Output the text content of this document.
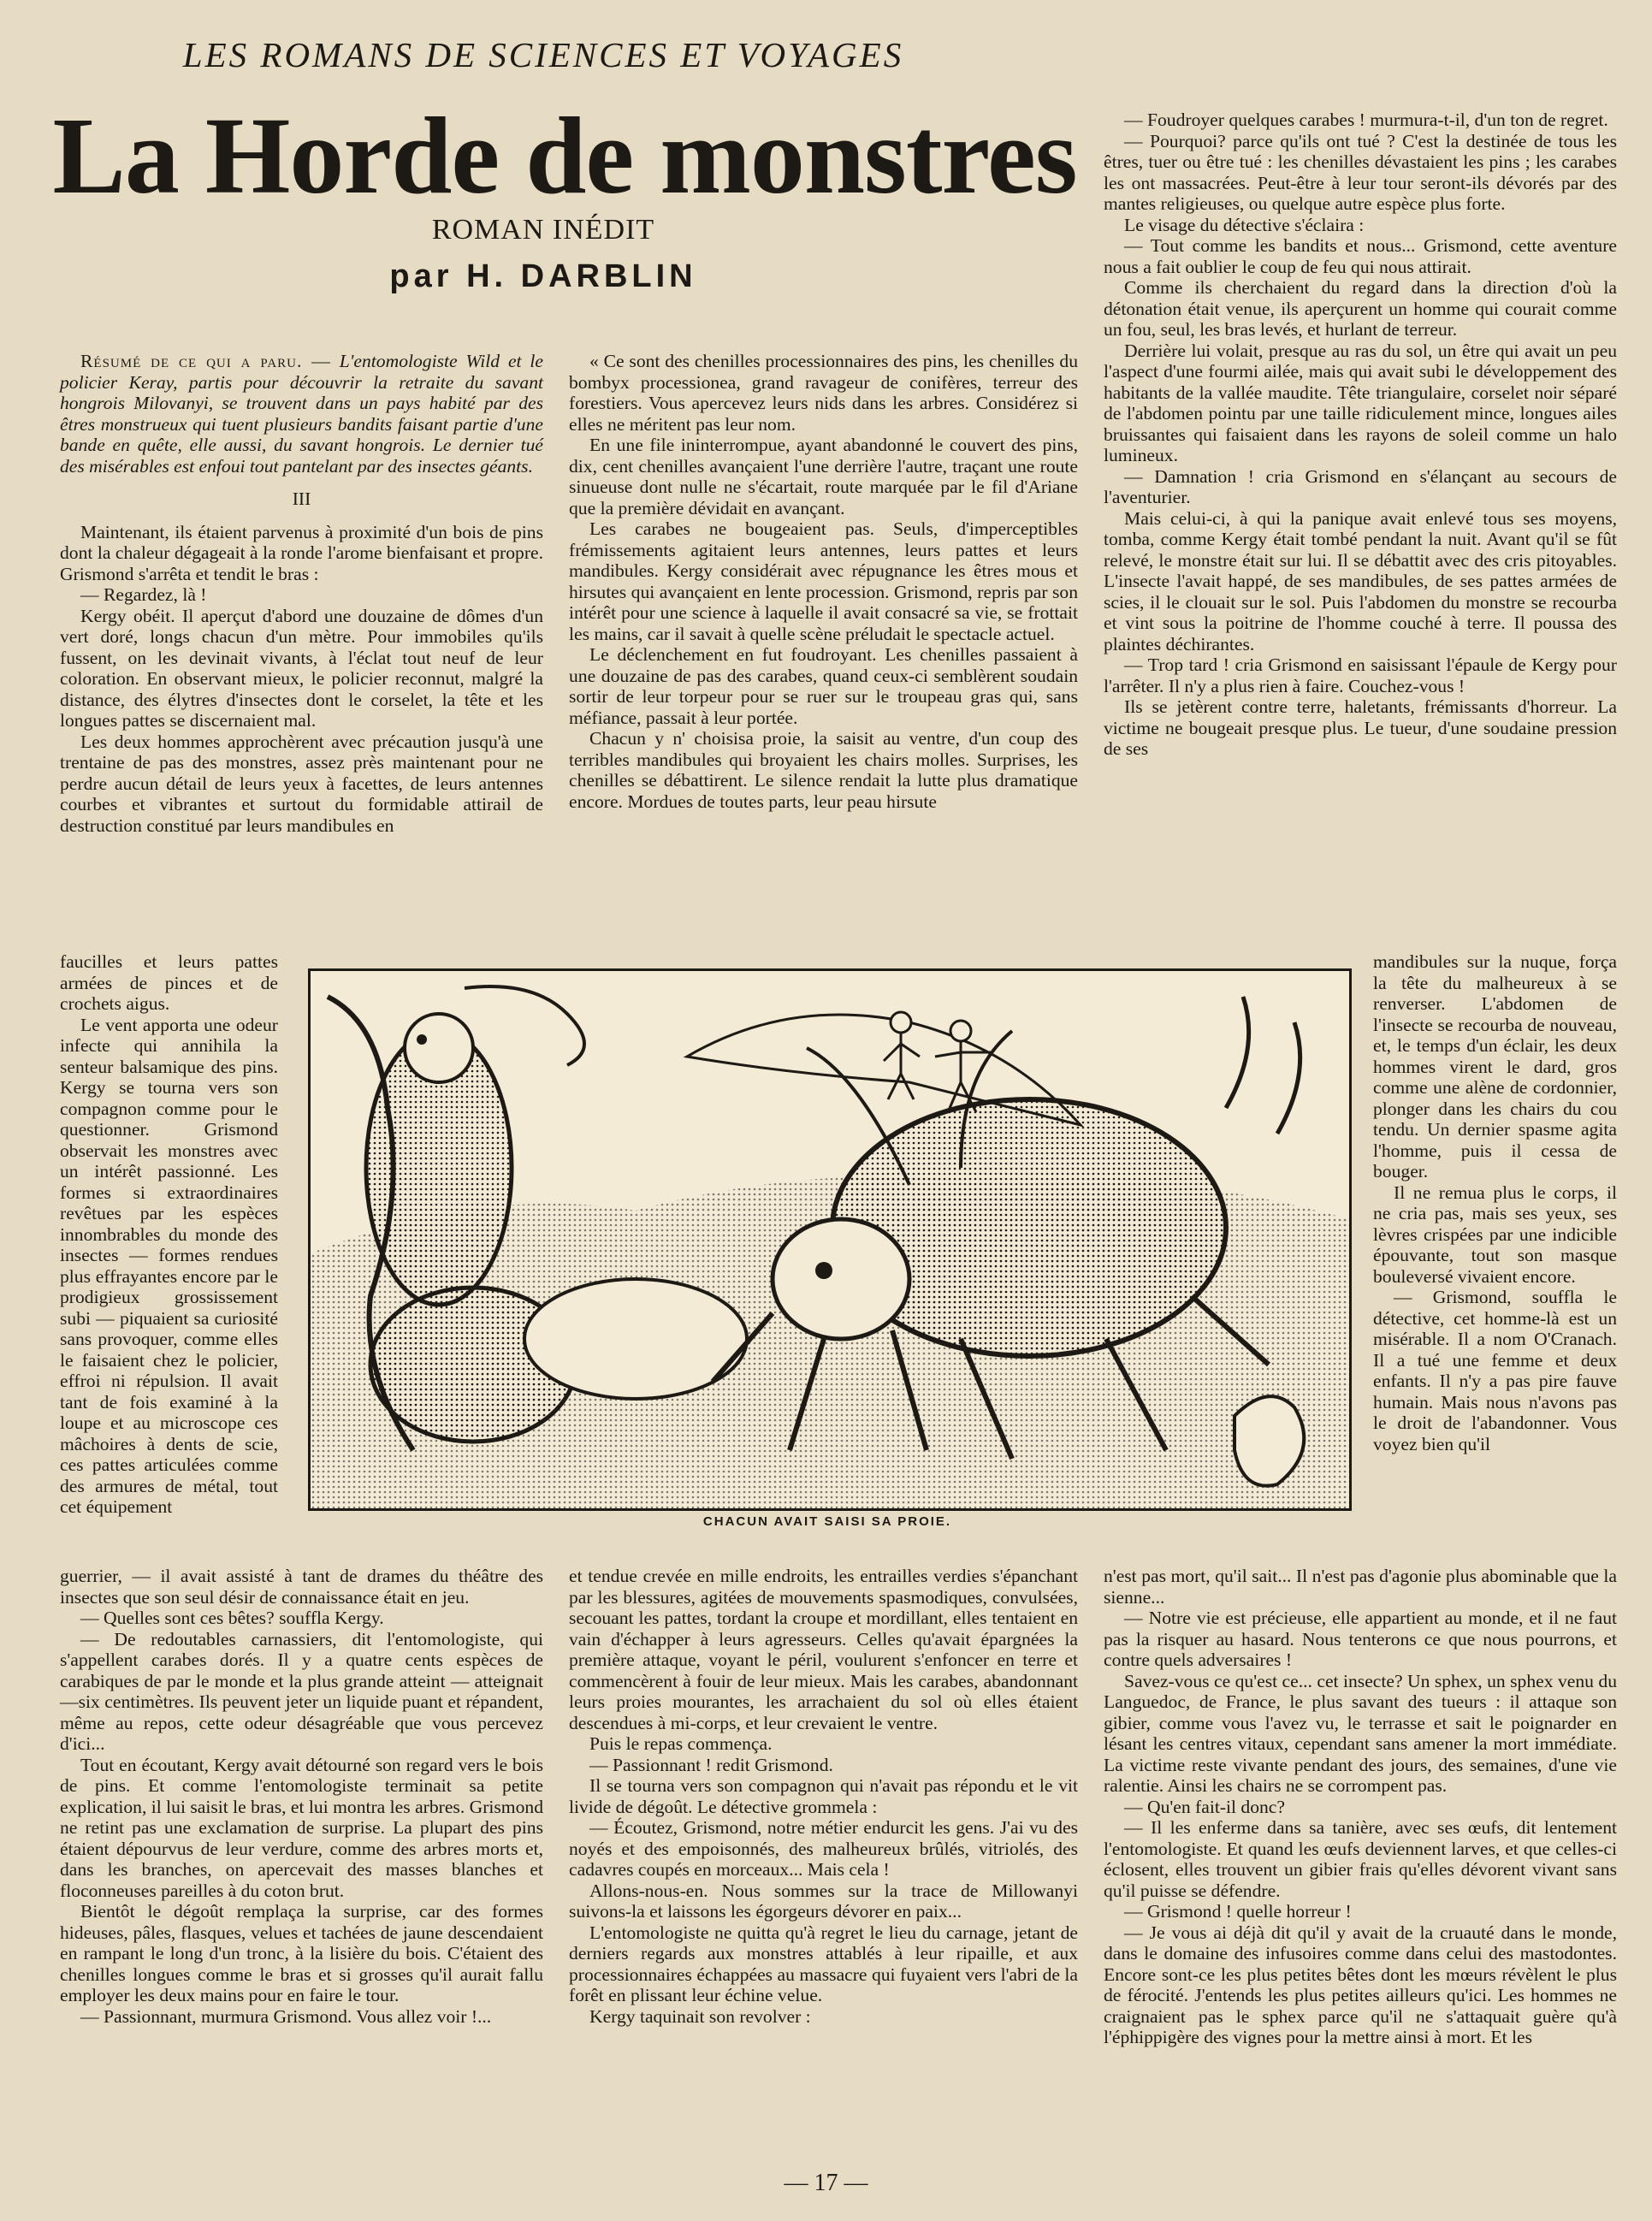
LES ROMANS DE SCIENCES ET VOYAGES
La Horde de monstres
ROMAN INÉDIT
par H. DARBLIN

Résumé de ce qui a paru. — L'entomologiste Wild et le policier Keray, partis pour découvrir la retraite du savant hongrois Milovanyi, se trouvent dans un pays habité par des êtres monstrueux qui tuent plusieurs bandits faisant partie d'une bande en quête, elle aussi, du savant hongrois. Le dernier tué des misérables est enfoui tout pantelant par des insectes géants.

III

Maintenant, ils étaient parvenus à proximité d'un bois de pins dont la chaleur dégageait à la ronde l'arome bienfaisant et propre. Grismond s'arrêta et tendit le bras :

— Regardez, là !

Kergy obéit. Il aperçut d'abord une douzaine de dômes d'un vert doré, longs chacun d'un mètre. Pour immobiles qu'ils fussent, on les devinait vivants, à l'éclat tout neuf de leur coloration. En observant mieux, le policier reconnut, malgré la distance, des élytres d'insectes dont le corselet, la tête et les longues pattes se discernaient mal.

Les deux hommes approchèrent avec précaution jusqu'à une trentaine de pas des monstres, assez près maintenant pour ne perdre aucun détail de leurs yeux à facettes, de leurs antennes courbes et vibrantes et surtout du formidable attirail de destruction constitué par leurs mandibules en

« Ce sont des chenilles processionnaires des pins, les chenilles du bombyx processionea, grand ravageur de conifères, terreur des forestiers. Vous apercevez leurs nids dans les arbres. Considérez si elles ne méritent pas leur nom.

En une file ininterrompue, ayant abandonné le couvert des pins, dix, cent chenilles avançaient l'une derrière l'autre, traçant une route sinueuse dont nulle ne s'écartait, route marquée par le fil d'Ariane que la première dévidait en avançant.

Les carabes ne bougeaient pas. Seuls, d'imperceptibles frémissements agitaient leurs antennes, leurs pattes et leurs mandibules. Kergy considérait avec répugnance les êtres mous et hirsutes qui avançaient en lente procession. Grismond, repris par son intérêt pour une science à laquelle il avait consacré sa vie, se frottait les mains, car il savait à quelle scène préludait le spectacle actuel.

Le déclenchement en fut foudroyant. Les chenilles passaient à une douzaine de pas des carabes, quand ceux-ci semblèrent soudain sortir de leur torpeur pour se ruer sur le troupeau gras qui, sans méfiance, passait à leur portée.

Chacun y n' choisisa proie, la saisit au ventre, d'un coup des terribles mandibules qui broyaient les chairs molles. Surprises, les chenilles se débattirent. Le silence rendait la lutte plus dramatique encore. Mordues de toutes parts, leur peau hirsute

— Foudroyer quelques carabes ! murmura-t-il, d'un ton de regret.

— Pourquoi? parce qu'ils ont tué ? C'est la destinée de tous les êtres, tuer ou être tué : les chenilles dévastaient les pins ; les carabes les ont massacrées. Peut-être à leur tour seront-ils dévorés par des mantes religieuses, ou quelque autre espèce plus forte.

Le visage du détective s'éclaira :

— Tout comme les bandits et nous... Grismond, cette aventure nous a fait oublier le coup de feu qui nous attirait.

Comme ils cherchaient du regard dans la direction d'où la détonation était venue, ils aperçurent un homme qui courait comme un fou, seul, les bras levés, et hurlant de terreur.

Derrière lui volait, presque au ras du sol, un être qui avait un peu l'aspect d'une fourmi ailée, mais qui avait subi le développement des habitants de la vallée maudite. Tête triangulaire, corselet noir séparé de l'abdomen pointu par une taille ridiculement mince, longues ailes bruissantes qui faisaient dans les rayons de soleil comme un halo lumineux.

— Damnation ! cria Grismond en s'élançant au secours de l'aventurier.

Mais celui-ci, à qui la panique avait enlevé tous ses moyens, tomba, comme Kergy était tombé pendant la nuit. Avant qu'il se fût relevé, le monstre était sur lui. Il se débattit avec des cris pitoyables. L'insecte l'avait happé, de ses mandibules, de ses pattes armées de scies, il le clouait sur le sol. Puis l'abdomen du monstre se recourba et vint sous la poitrine de l'homme couché à terre. Il poussa des plaintes déchirantes.

— Trop tard ! cria Grismond en saisissant l'épaule de Kergy pour l'arrêter. Il n'y a plus rien à faire. Couchez-vous !

Ils se jetèrent contre terre, haletants, frémissants d'horreur. La victime ne bougeait presque plus. Le tueur, d'une soudaine pression de ses

faucilles et leurs pattes armées de pinces et de crochets aigus.

Le vent apporta une odeur infecte qui annihila la senteur balsamique des pins. Kergy se tourna vers son compagnon comme pour le questionner. Grismond observait les monstres avec un intérêt passionné. Les formes si extraordinaires revêtues par les espèces innombrables du monde des insectes — formes rendues plus effrayantes encore par le prodigieux grossissement subi — piquaient sa curiosité sans provoquer, comme elles le faisaient chez le policier, effroi ni répulsion. Il avait tant de fois examiné à la loupe et au microscope ces mâchoires à dents de scie, ces pattes articulées comme des armures de métal, tout cet équipement

mandibules sur la nuque, força la tête du malheureux à se renverser. L'abdomen de l'insecte se recourba de nouveau, et, le temps d'un éclair, les deux hommes virent le dard, gros comme une alène de cordonnier, plonger dans les chairs du cou tendu. Un dernier spasme agita l'homme, puis il cessa de bouger.

Il ne remua plus le corps, il ne cria pas, mais ses yeux, ses lèvres crispées par une indicible épouvante, tout son masque bouleversé vivaient encore.

— Grismond, souffla le détective, cet homme-là est un misérable. Il a nom O'Cranach. Il a tué une femme et deux enfants. Il n'y a pas pire fauve humain. Mais nous n'avons pas le droit de l'abandonner. Vous voyez bien qu'il

CHACUN AVAIT SAISI SA PROIE.

guerrier, — il avait assisté à tant de drames du théâtre des insectes que son seul désir de connaissance était en jeu.

— Quelles sont ces bêtes? souffla Kergy.

— De redoutables carnassiers, dit l'entomologiste, qui s'appellent carabes dorés. Il y a quatre cents espèces de carabiques de par le monde et la plus grande atteint — atteignait —six centimètres. Ils peuvent jeter un liquide puant et répandent, même au repos, cette odeur désagréable que vous percevez d'ici...

Tout en écoutant, Kergy avait détourné son regard vers le bois de pins. Et comme l'entomologiste terminait sa petite explication, il lui saisit le bras, et lui montra les arbres. Grismond ne retint pas une exclamation de surprise. La plupart des pins étaient dépourvus de leur verdure, comme des arbres morts et, dans les branches, on apercevait des masses blanches et floconneuses pareilles à du coton brut.

Bientôt le dégoût remplaça la surprise, car des formes hideuses, pâles, flasques, velues et tachées de jaune descendaient en rampant le long d'un tronc, à la lisière du bois. C'étaient des chenilles longues comme le bras et si grosses qu'il aurait fallu employer les deux mains pour en faire le tour.

— Passionnant, murmura Grismond. Vous allez voir !...

et tendue crevée en mille endroits, les entrailles verdies s'épanchant par les blessures, agitées de mouvements spasmodiques, convulsées, secouant les pattes, tordant la croupe et mordillant, elles tentaient en vain d'échapper à leurs agresseurs. Celles qu'avait épargnées la première attaque, voyant le péril, voulurent s'enfoncer en terre et commencèrent à fouir de leur mieux. Mais les carabes, abandonnant leurs proies mourantes, les arrachaient du sol où elles étaient descendues à mi-corps, et leur crevaient le ventre.

Puis le repas commença.

— Passionnant ! redit Grismond.

Il se tourna vers son compagnon qui n'avait pas répondu et le vit livide de dégoût. Le détective grommela :

— Écoutez, Grismond, notre métier endurcit les gens. J'ai vu des noyés et des empoisonnés, des malheureux brûlés, vitriolés, des cadavres coupés en morceaux... Mais cela !

Allons-nous-en. Nous sommes sur la trace de Millowanyi suivons-la et laissons les égorgeurs dévorer en paix...

L'entomologiste ne quitta qu'à regret le lieu du carnage, jetant de derniers regards aux monstres attablés à leur ripaille, et aux processionnaires échappées au massacre qui fuyaient vers l'abri de la forêt en plissant leur échine velue.

Kergy taquinait son revolver :

n'est pas mort, qu'il sait... Il n'est pas d'agonie plus abominable que la sienne...

— Notre vie est précieuse, elle appartient au monde, et il ne faut pas la risquer au hasard. Nous tenterons ce que nous pourrons, et contre quels adversaires !

Savez-vous ce qu'est ce... cet insecte? Un sphex, un sphex venu du Languedoc, de France, le plus savant des tueurs : il attaque son gibier, comme vous l'avez vu, le terrasse et sait le poignarder en lésant les centres vitaux, cependant sans amener la mort immédiate. La victime reste vivante pendant des jours, des semaines, d'une vie ralentie. Ainsi les chairs ne se corrompent pas.

— Qu'en fait-il donc?

— Il les enferme dans sa tanière, avec ses œufs, dit lentement l'entomologiste. Et quand les œufs deviennent larves, et que celles-ci éclosent, elles trouvent un gibier frais qu'elles dévorent vivant sans qu'il puisse se défendre.

— Grismond ! quelle horreur !

— Je vous ai déjà dit qu'il y avait de la cruauté dans le monde, dans le domaine des infusoires comme dans celui des mastodontes. Encore sont-ce les plus petites bêtes dont les mœurs révèlent le plus de férocité. J'entends les plus petites ailleurs qu'ici. Les hommes ne craignaient pas le sphex parce qu'il ne s'attaquait guère qu'à l'éphippigère des vignes pour la mettre ainsi à mort. Et les

— 17 —
